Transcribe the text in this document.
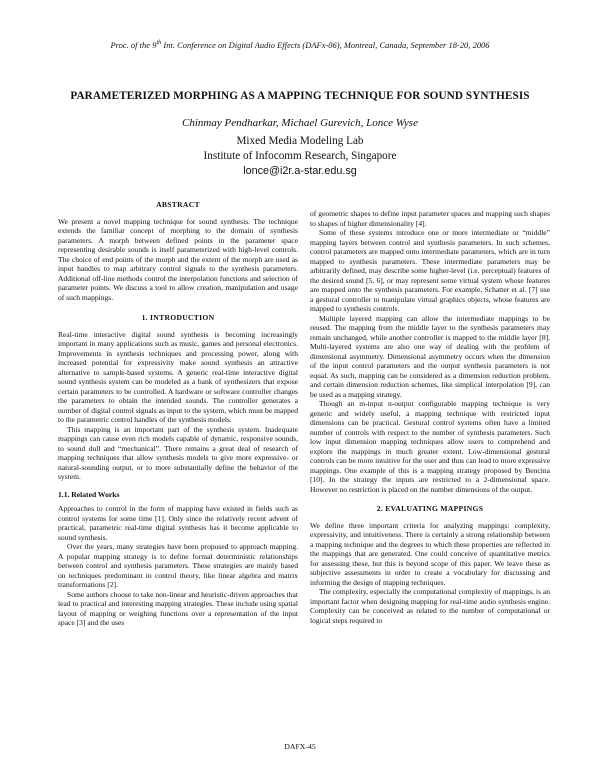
Proc. of the 9th Int. Conference on Digital Audio Effects (DAFx-06), Montreal, Canada, September 18-20, 2006
PARAMETERIZED MORPHING AS A MAPPING TECHNIQUE FOR SOUND SYNTHESIS
Chinmay Pendharkar, Michael Gurevich, Lonce Wyse
Mixed Media Modeling Lab
Institute of Infocomm Research, Singapore
lonce@i2r.a-star.edu.sg
ABSTRACT

We present a novel mapping technique for sound synthesis. The technique extends the familiar concept of morphing to the domain of synthesis parameters. A morph between defined points in the parameter space representing desirable sounds is itself parameterized with high-level controls. The choice of end points of the morph and the extent of the morph are used as input handles to map arbitrary control signals to the synthesis parameters. Additional off-line methods control the interpolation functions and selection of parameter points. We discuss a tool to allow creation, manipulation and usage of such mappings.

1. INTRODUCTION

Real-time interactive digital sound synthesis is becoming increasingly important in many applications such as music, games and personal electronics. Improvements in synthesis techniques and processing power, along with increased potential for expressivity make sound synthesis an attractive alternative to sample-based systems. A generic real-time interactive digital sound synthesis system can be modeled as a bank of synthesizers that expose certain parameters to be controlled. A hardware or software controller changes the parameters to obtain the intended sounds. The controller generates a number of digital control signals as input to the system, which must be mapped to the parametric control handles of the synthesis models.

This mapping is an important part of the synthesis system. Inadequate mappings can cause even rich models capable of dynamic, responsive sounds, to sound dull and “mechanical”. There remains a great deal of research of mapping techniques that allow synthesis models to give more expressive- or natural-sounding output, or to more substantially define the behavior of the system.

1.1. Related Works

Approaches to control in the form of mapping have existed in fields such as control systems for some time [1]. Only since the relatively recent advent of practical, parametric real-time digital synthesis has it become applicable to sound synthesis.

Over the years, many strategies have been proposed to approach mapping. A popular mapping strategy is to define formal deterministic relationships between control and synthesis parameters. These strategies are mainly based on techniques predominant in control theory, like linear algebra and matrix transformations [2].

Some authors choose to take non-linear and heuristic-driven approaches that lead to practical and interesting mapping strategies. These include using spatial layout of mapping or weighing functions over a representation of the input space [3] and the uses

of geometric shapes to define input parameter spaces and mapping such shapes to shapes of higher dimensionality [4].

Some of these systems introduce one or more intermediate or “middle” mapping layers between control and synthesis parameters. In such schemes, control parameters are mapped onto intermediate parameters, which are in turn mapped to synthesis parameters. These intermediate parameters may be arbitrarily defined, may describe some higher-level (i.e. perceptual) features of the desired sound [5, 6], or may represent some virtual system whose features are mapped onto the synthesis parameters. For example, Schatter et al. [7] use a gestural controller to manipulate virtual graphics objects, whose features are mapped to synthesis controls.

Multiple layered mapping can allow the intermediate mappings to be reused. The mapping from the middle layer to the synthesis parameters may remain unchanged, while another controller is mapped to the middle layer [8]. Multi-layered systems are also one way of dealing with the problem of dimensional asymmetry. Dimensional asymmetry occurs when the dimension of the input control parameters and the output synthesis parameters is not equal. As such, mapping can be considered as a dimension reduction problem, and certain dimension reduction schemes, like simplical interpolation [9], can be used as a mapping strategy.

Though an m-input n-output configurable mapping technique is very generic and widely useful, a mapping technique with restricted input dimensions can be practical. Gestural control systems often have a limited number of controls with respect to the number of synthesis parameters. Such low input dimension mapping techniques allow users to comprehend and explore the mappings in much greater extent. Low-dimensional gestural controls can be more intuitive for the user and thus can lead to more expressive mappings. One example of this is a mapping strategy proposed by Bencina [10]. In the strategy the inputs are restricted to a 2-dimensional space. However no restriction is placed on the number dimensions of the output.

2. EVALUATING MAPPINGS

We define three important criteria for analyzing mappings: complexity, expressivity, and intuitiveness. There is certainly a strong relationship between a mapping technique and the degrees to which these properties are reflected in the mappings that are generated. One could conceive of quantitative metrics for assessing these, but this is beyond scope of this paper. We leave these as subjective assessments in order to create a vocabulary for discussing and informing the design of mapping techniques.

The complexity, especially the computational complexity of mappings, is an important factor when designing mapping for real-time audio synthesis engine. Complexity can be conceived as related to the number of computational or logical steps required to

DAFX-45
